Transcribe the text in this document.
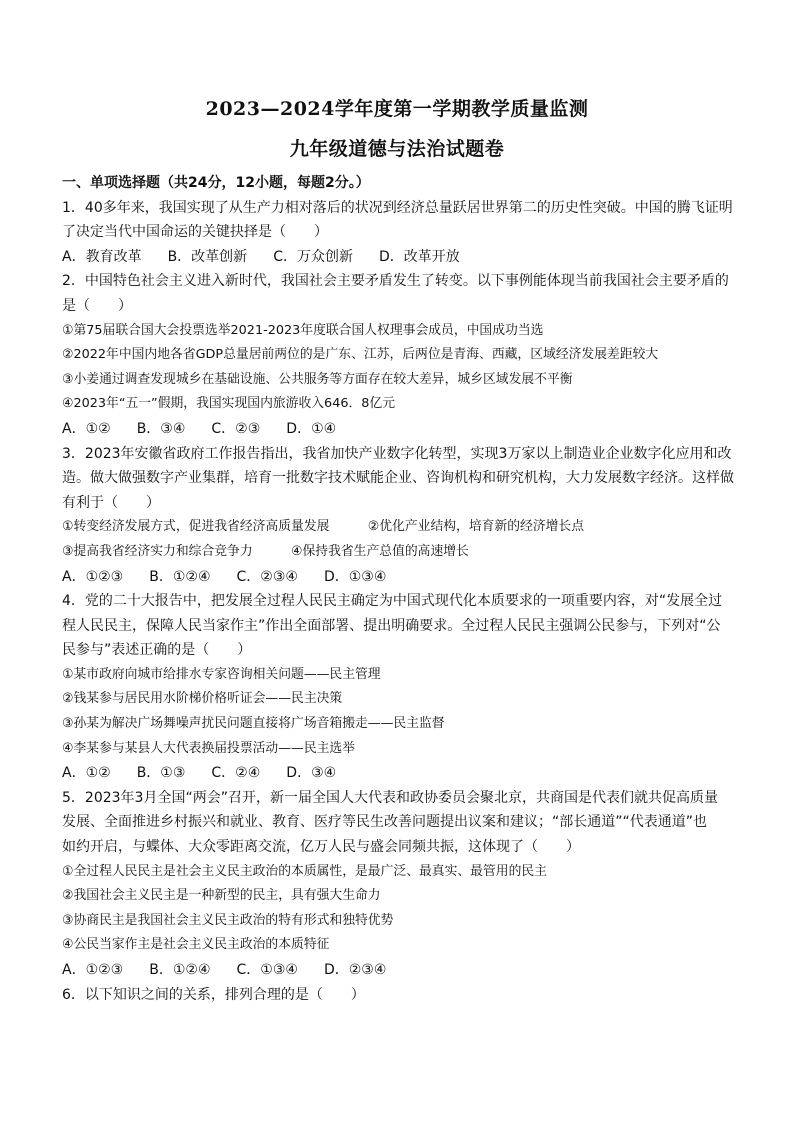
2023—2024学年度第一学期教学质量监测
九年级道德与法治试题卷
一、单项选择题（共24分，12小题，每题2分。）
1．40多年来，我国实现了从生产力相对落后的状况到经济总量跃居世界第二的历史性突破。中国的腾飞证明
了决定当代中国命运的关键抉择是（　　）
A．教育改革 B．改革创新 C．万众创新 D．改革开放
2．中国特色社会主义进入新时代，我国社会主要矛盾发生了转变。以下事例能体现当前我国社会主要矛盾的
是（　　）
①第75届联合国大会投票选举2021-2023年度联合国人权理事会成员，中国成功当选
②2022年中国内地各省GDP总量居前两位的是广东、江苏，后两位是青海、西藏，区域经济发展差距较大
③小姜通过调查发现城乡在基础设施、公共服务等方面存在较大差异，城乡区域发展不平衡
④2023年“五一”假期，我国实现国内旅游收入646．8亿元
A．①② B．③④ C．②③ D．①④
3．2023年安徽省政府工作报告指出，我省加快产业数字化转型，实现3万家以上制造业企业数字化应用和改
造。做大做强数字产业集群，培育一批数字技术赋能企业、咨询机构和研究机构，大力发展数字经济。这样做
有利于（　　）
①转变经济发展方式，促进我省经济高质量发展　　　②优化产业结构，培育新的经济增长点
③提高我省经济实力和综合竞争力　　　④保持我省生产总值的高速增长
A．①②③ B．①②④ C．②③④ D．①③④
4．党的二十大报告中，把发展全过程人民民主确定为中国式现代化本质要求的一项重要内容，对“发展全过
程人民民主，保障人民当家作主”作出全面部署、提出明确要求。全过程人民民主强调公民参与，下列对“公
民参与”表述正确的是（　　）
①某市政府向城市给排水专家咨询相关问题——民主管理
②钱某参与居民用水阶梯价格听证会——民主决策
③孙某为解决广场舞噪声扰民问题直接将广场音箱搬走——民主监督
④李某参与某县人大代表换届投票活动——民主选举
A．①② B．①③ C．②④ D．③④
5．2023年3月全国“两会”召开，新一届全国人大代表和政协委员会聚北京，共商国是代表们就共促高质量
发展、全面推进乡村振兴和就业、教育、医疗等民生改善问题提出议案和建议；“部长通道”“代表通道”也
如约开启，与蝶体、大众零距离交流，亿万人民与盛会同频共振，这体现了（　　）
①全过程人民民主是社会主义民主政治的本质属性，是最广泛、最真实、最管用的民主
②我国社会主义民主是一种新型的民主，具有强大生命力
③协商民主是我国社会主义民主政治的特有形式和独特优势
④公民当家作主是社会主义民主政治的本质特征
A．①②③ B．①②④ C．①③④ D．②③④
6．以下知识之间的关系，排列合理的是（　　）
